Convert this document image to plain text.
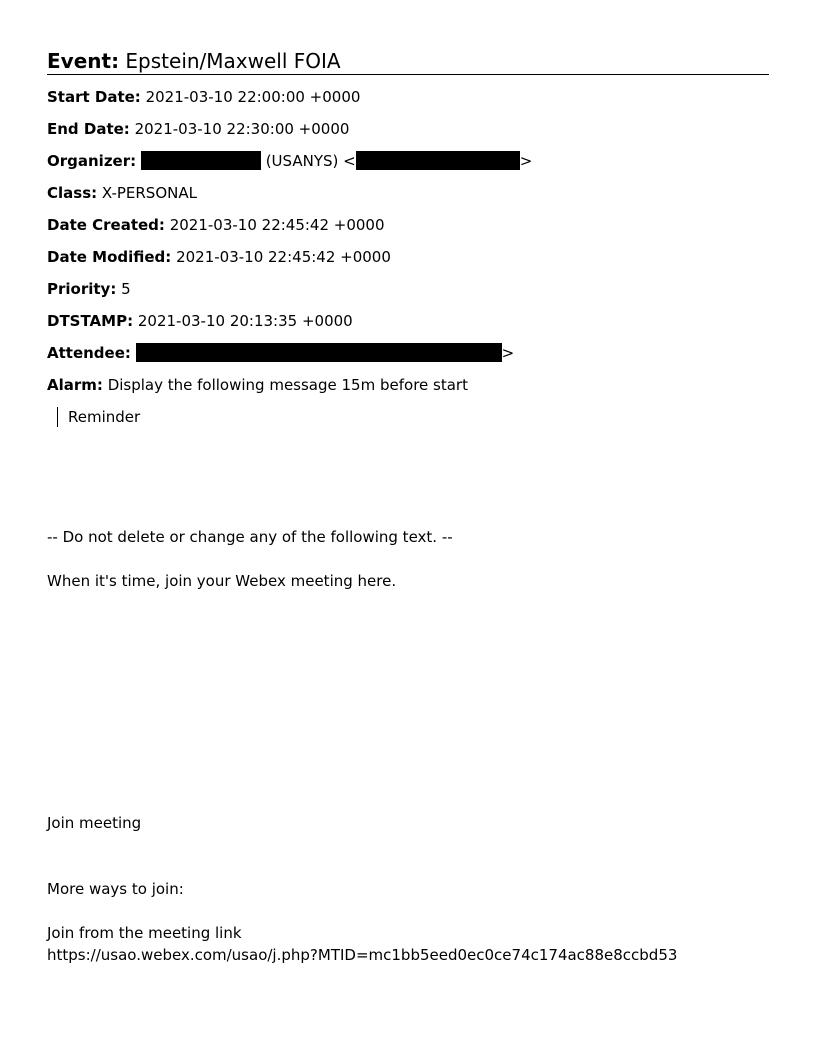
Event: Epstein/Maxwell FOIA
Start Date: 2021-03-10 22:00:00 +0000
End Date: 2021-03-10 22:30:00 +0000
Organizer:	(USANYS) <	>
Class: X-PERSONAL
Date Created: 2021-03-10 22:45:42 +0000
Date Modified: 2021-03-10 22:45:42 +0000
Priority: 5
DTSTAMP: 2021-03-10 20:13:35 +0000
Attendee:	>
Alarm: Display the following message 15m before start
Reminder
-- Do not delete or change any of the following text. --
When it's time, join your Webex meeting here.
Join meeting
More ways to join:
Join from the meeting link
https://usao.webex.com/usao/j.php?MTID=mc1bb5eed0ec0ce74c174ac88e8ccbd53
